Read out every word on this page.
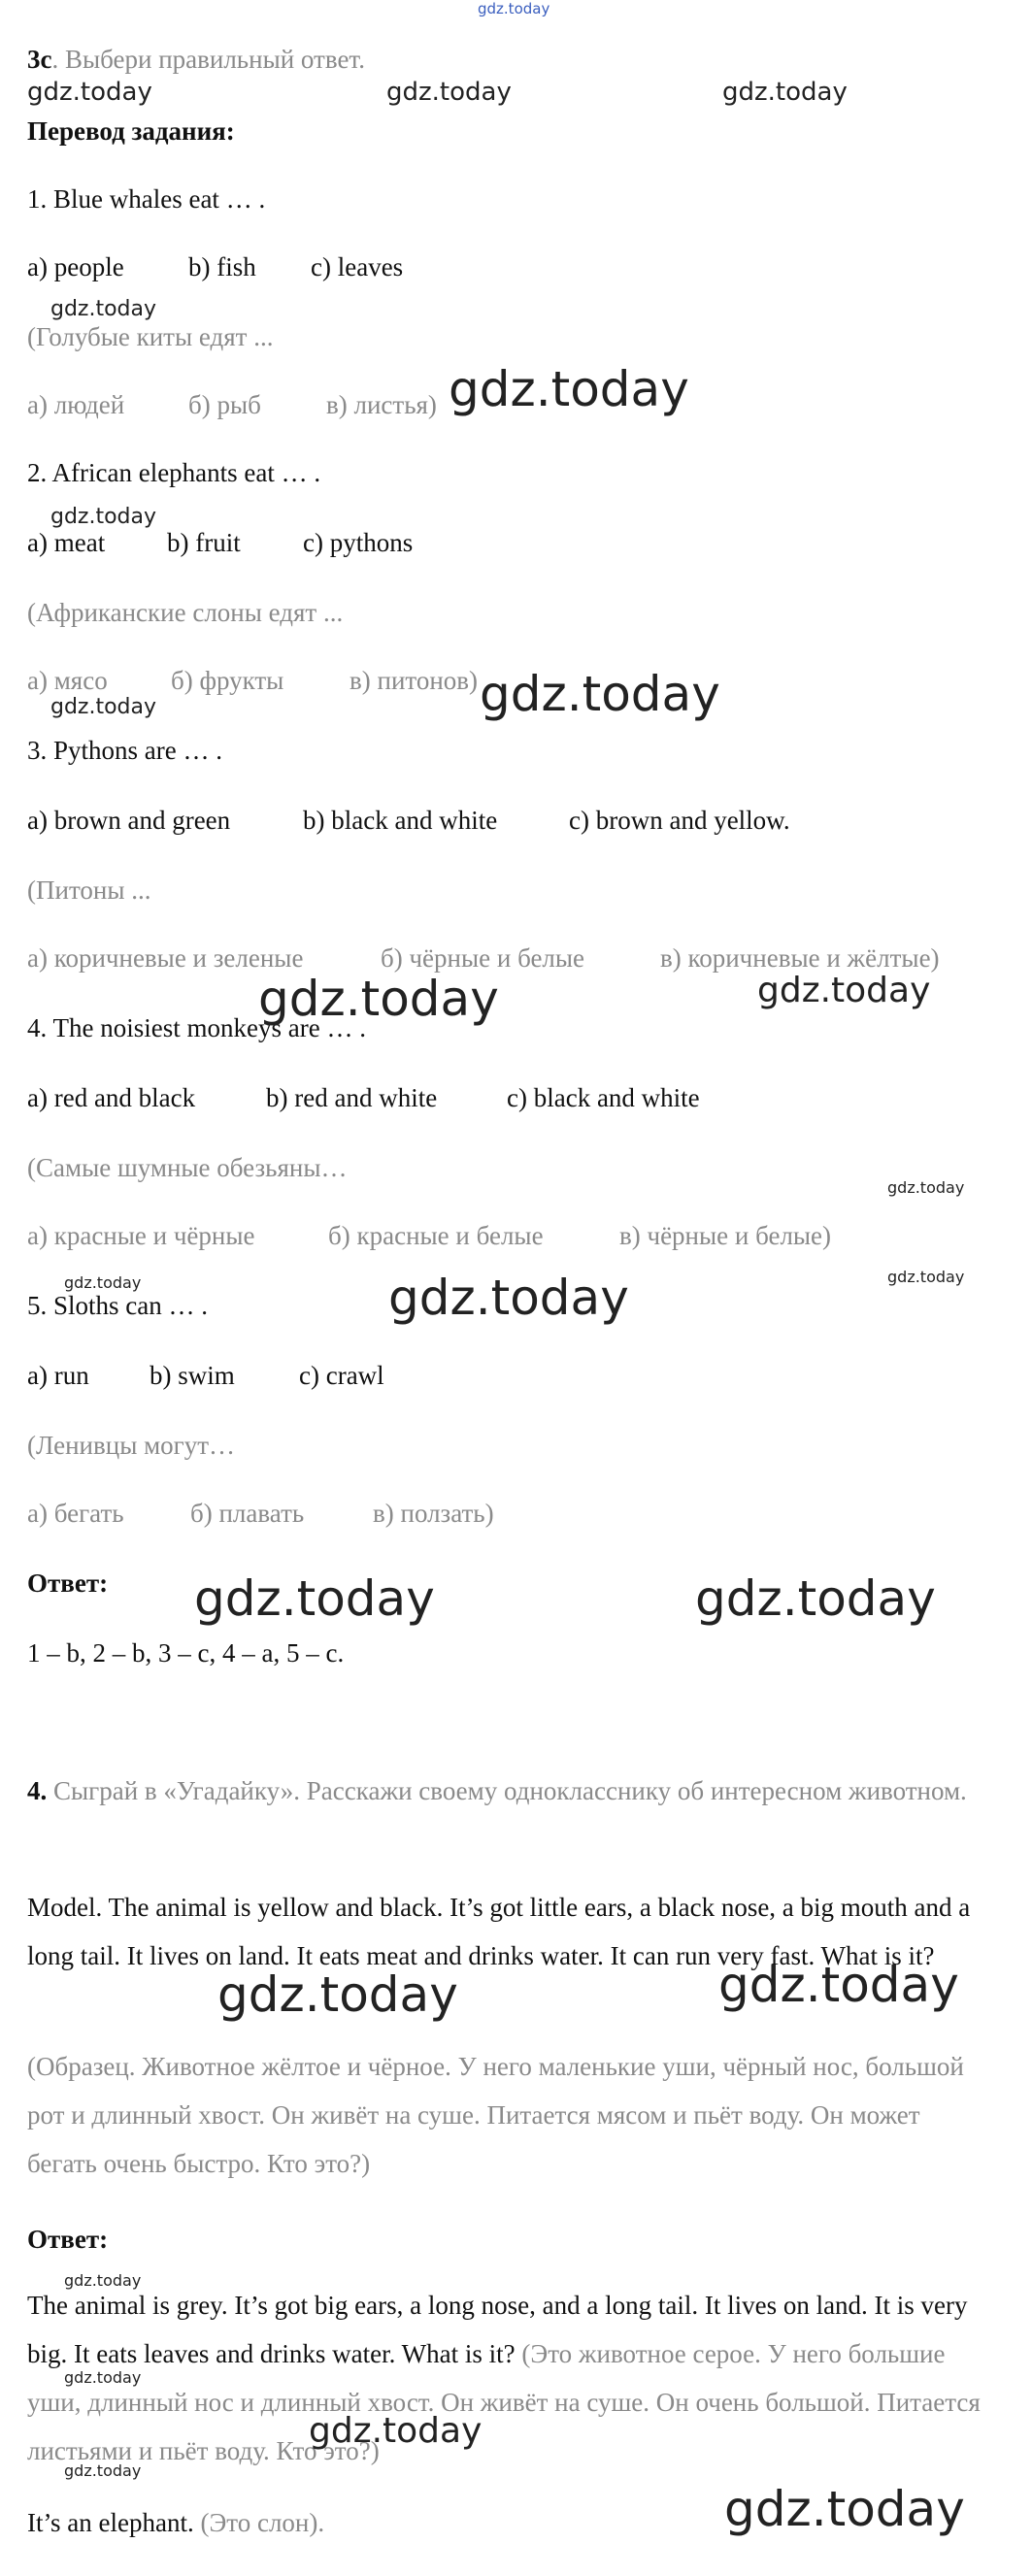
gdz.today
3c. Выбери правильный ответ.
Перевод задания:
1. Blue whales eat … .
a) people b) fish c) leaves
(Голубые киты едят ...
а) людей б) рыб в) листья)
2. African elephants eat … .
a) meat b) fruit c) pythons
(Африканские слоны едят ...
а) мясо б) фрукты	в) питонов)
3. Pythons are … .
a) brown and green	b) black and white	c) brown and yellow.
(Питоны ...
а) коричневые и зеленые	б) чёрные и белые	в) коричневые и жёлтые)
4. The noisiest monkeys are … .
a) red and black	b) red and white	c) black and white
(Самые шумные обезьяны…
а) красные и чёрные	б) красные и белые	в) чёрные и белые)
5. Sloths can … .
a) run b) swim c) crawl
(Ленивцы могут…
а) бегать	б) плавать	в) ползать)
Ответ:
1 – b, 2 – b, 3 – c, 4 – a, 5 – c.
4. Сыграй в «Угадайку». Расскажи своему однокласснику об интересном животном.
Model. The animal is yellow and black. It’s got little ears, a black nose, a big mouth and a long tail. It lives on land. It eats meat and drinks water. It can run very fast. What is it?
(Образец. Животное жёлтое и чёрное. У него маленькие уши, чёрный нос, большой рот и длинный хвост. Он живёт на суше. Питается мясом и пьёт воду. Он может бегать очень быстро. Кто это?)
Ответ:
The animal is grey. It’s got big ears, a long nose, and a long tail. It lives on land. It is very big. It eats leaves and drinks water. What is it? (Это животное серое. У него большие уши, длинный нос и длинный хвост. Он живёт на суше. Он очень большой. Питается листьями и пьёт воду. Кто это?)
It’s an elephant. (Это слон).
gdz.today	gdz.today	gdz.today
gdz.today
gdz.today
gdz.today
gdz.today	gdz.today
gdz.today	gdz.today
gdz.today
gdz.today	gdz.today
gdz.today
gdz.today	gdz.today
gdz.today	gdz.today
gdz.today
gdz.today
gdz.today
gdz.today
gdz.today
